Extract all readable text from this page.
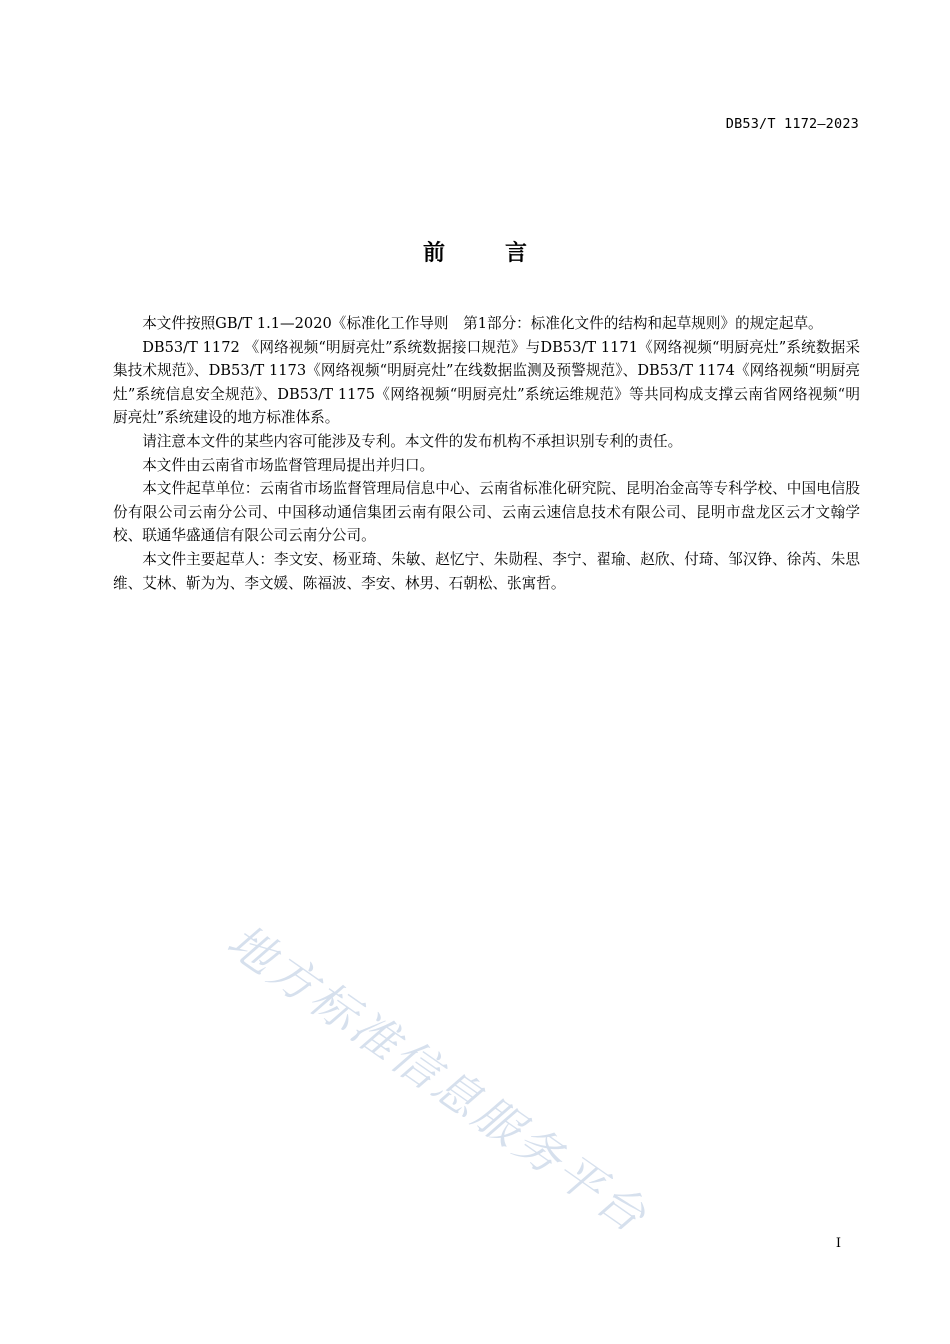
DB53/T 1172—2023
前言

本文件按照GB/T 1.1—2020《标准化工作导则　第1部分：标准化文件的结构和起草规则》的规定起草。

DB53/T 1172 《网络视频“明厨亮灶”系统数据接口规范》与DB53/T 1171《网络视频“明厨亮灶”系统数据采集技术规范》、DB53/T 1173《网络视频“明厨亮灶”在线数据监测及预警规范》、DB53/T 1174《网络视频“明厨亮灶”系统信息安全规范》、DB53/T 1175《网络视频“明厨亮灶”系统运维规范》等共同构成支撑云南省网络视频“明厨亮灶”系统建设的地方标准体系。

请注意本文件的某些内容可能涉及专利。本文件的发布机构不承担识别专利的责任。

本文件由云南省市场监督管理局提出并归口。

本文件起草单位：云南省市场监督管理局信息中心、云南省标准化研究院、昆明冶金高等专科学校、中国电信股份有限公司云南分公司、中国移动通信集团云南有限公司、云南云速信息技术有限公司、昆明市盘龙区云才文翰学校、联通华盛通信有限公司云南分公司。

本文件主要起草人：李文安、杨亚琦、朱敏、赵忆宁、朱勋程、李宁、翟瑜、赵欣、付琦、邹汉铮、徐芮、朱思维、艾林、靳为为、李文媛、陈福波、李安、林男、石朝松、张寓哲。

地方标准信息服务平台	I
